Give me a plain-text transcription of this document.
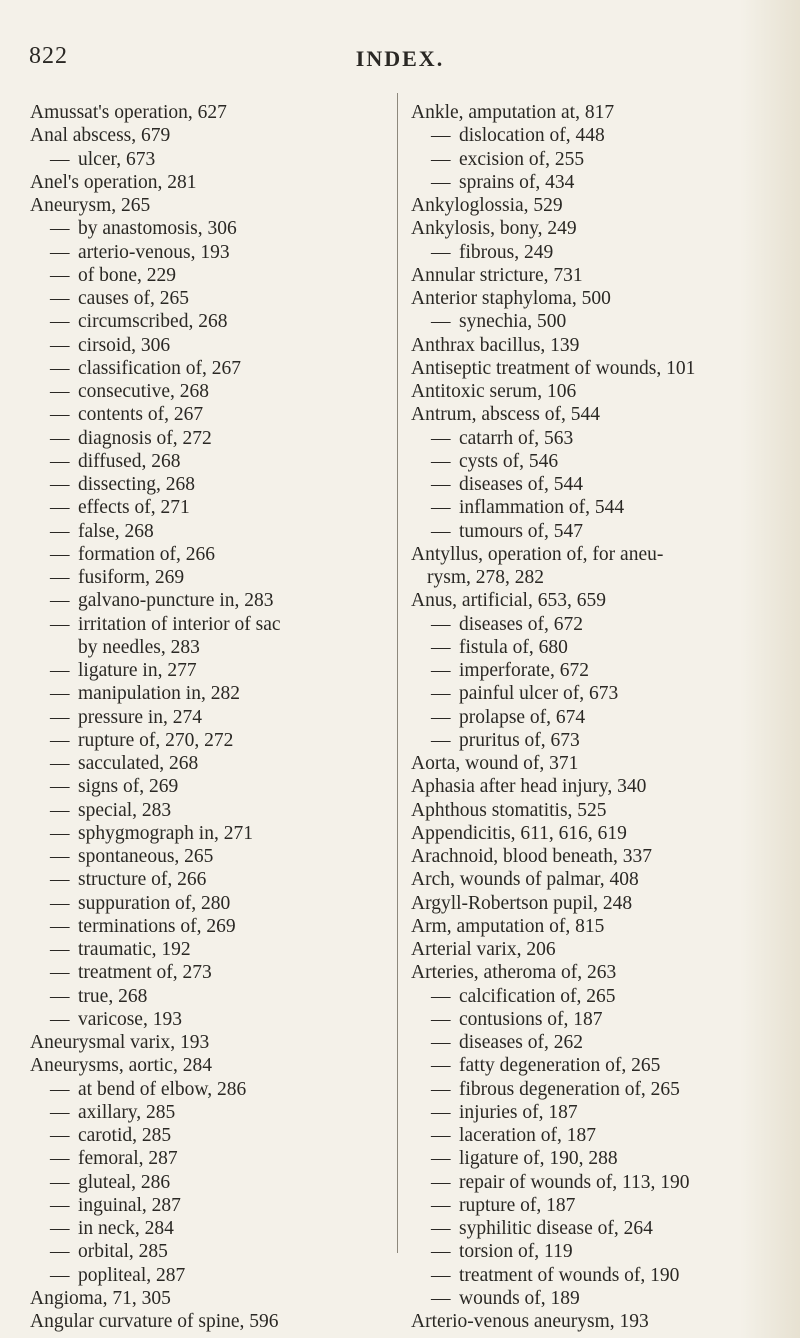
822	INDEX.
Amussat's operation, 627
Anal abscess, 679
— ulcer, 673
Anel's operation, 281
Aneurysm, 265
— by anastomosis, 306
— arterio-venous, 193
— of bone, 229
— causes of, 265
— circumscribed, 268
— cirsoid, 306
— classification of, 267
— consecutive, 268
— contents of, 267
— diagnosis of, 272
— diffused, 268
— dissecting, 268
— effects of, 271
— false, 268
— formation of, 266
— fusiform, 269
— galvano-puncture in, 283
— irritation of interior of sac
by needles, 283
— ligature in, 277
— manipulation in, 282
— pressure in, 274
— rupture of, 270, 272
— sacculated, 268
— signs of, 269
— special, 283
— sphygmograph in, 271
— spontaneous, 265
— structure of, 266
— suppuration of, 280
— terminations of, 269
— traumatic, 192
— treatment of, 273
— true, 268
— varicose, 193
Aneurysmal varix, 193
Aneurysms, aortic, 284
— at bend of elbow, 286
— axillary, 285
— carotid, 285
— femoral, 287
— gluteal, 286
— inguinal, 287
— in neck, 284
— orbital, 285
— popliteal, 287
Angioma, 71, 305
Angular curvature of spine, 596
Ankle, amputation at, 817
— dislocation of, 448
— excision of, 255
— sprains of, 434
Ankyloglossia, 529
Ankylosis, bony, 249
— fibrous, 249
Annular stricture, 731
Anterior staphyloma, 500
— synechia, 500
Anthrax bacillus, 139
Antiseptic treatment of wounds, 101
Antitoxic serum, 106
Antrum, abscess of, 544
— catarrh of, 563
— cysts of, 546
— diseases of, 544
— inflammation of, 544
— tumours of, 547
Antyllus, operation of, for aneu-
rysm, 278, 282
Anus, artificial, 653, 659
— diseases of, 672
— fistula of, 680
— imperforate, 672
— painful ulcer of, 673
— prolapse of, 674
— pruritus of, 673
Aorta, wound of, 371
Aphasia after head injury, 340
Aphthous stomatitis, 525
Appendicitis, 611, 616, 619
Arachnoid, blood beneath, 337
Arch, wounds of palmar, 408
Argyll-Robertson pupil, 248
Arm, amputation of, 815
Arterial varix, 206
Arteries, atheroma of, 263
— calcification of, 265
— contusions of, 187
— diseases of, 262
— fatty degeneration of, 265
— fibrous degeneration of, 265
— injuries of, 187
— laceration of, 187
— ligature of, 190, 288
— repair of wounds of, 113, 190
— rupture of, 187
— syphilitic disease of, 264
— torsion of, 119
— treatment of wounds of, 190
— wounds of, 189
Arterio-venous aneurysm, 193
